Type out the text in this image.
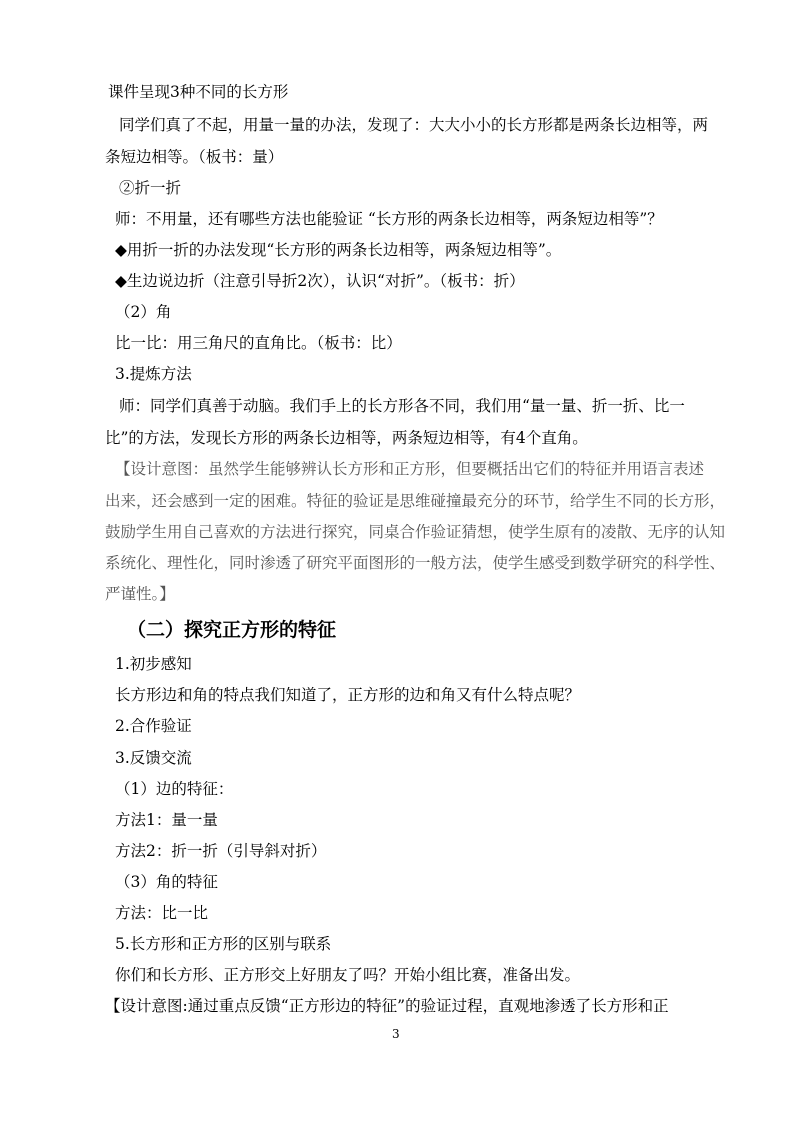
课件呈现3种不同的长方形
同学们真了不起，用量一量的办法，发现了：大大小小的长方形都是两条长边相等，两
条短边相等。（板书：量）
②折一折
师：不用量，还有哪些方法也能验证 “长方形的两条长边相等，两条短边相等”？
◆用折一折的办法发现“长方形的两条长边相等，两条短边相等”。
◆生边说边折（注意引导折2次），认识“对折”。（板书：折）
（2）角
比一比：用三角尺的直角比。（板书：比）
3.提炼方法
师：同学们真善于动脑。我们手上的长方形各不同，我们用“量一量、折一折、比一
比”的方法，发现长方形的两条长边相等，两条短边相等，有4个直角。
【设计意图：虽然学生能够辨认长方形和正方形，但要概括出它们的特征并用语言表述
出来，还会感到一定的困难。特征的验证是思维碰撞最充分的环节，给学生不同的长方形，
鼓励学生用自己喜欢的方法进行探究，同桌合作验证猜想，使学生原有的凌散、无序的认知
系统化、理性化，同时渗透了研究平面图形的一般方法，使学生感受到数学研究的科学性、
严谨性。】
（二）探究正方形的特征
1.初步感知
长方形边和角的特点我们知道了，正方形的边和角又有什么特点呢？
2.合作验证
3.反馈交流
（1）边的特征：
方法1：量一量
方法2：折一折（引导斜对折）
（3）角的特征
方法：比一比
5.长方形和正方形的区别与联系
你们和长方形、正方形交上好朋友了吗？开始小组比赛，准备出发。
【设计意图:通过重点反馈“正方形边的特征”的验证过程，直观地渗透了长方形和正
3
